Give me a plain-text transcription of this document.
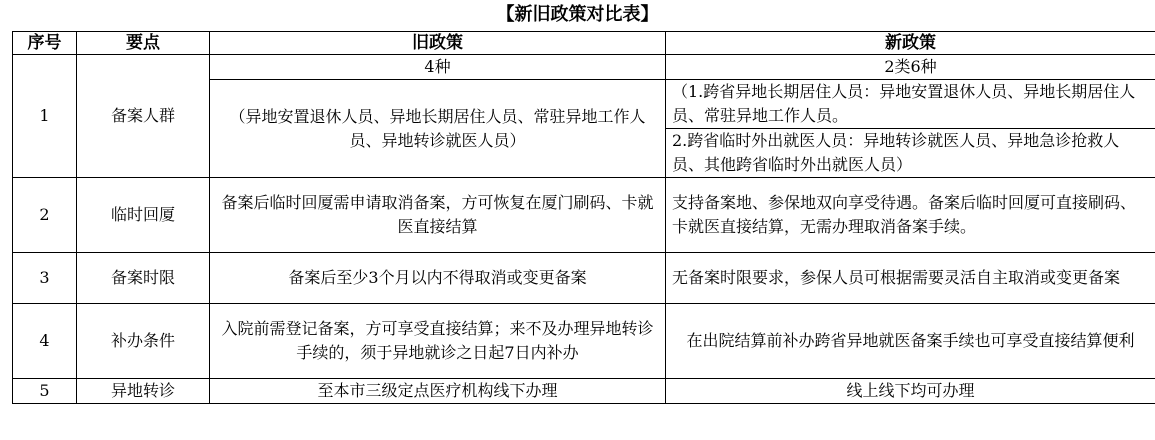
【新旧政策对比表】
序号	要点	旧政策	新政策
1	备案人群	4种	2类6种
		（异地安置退休人员、异地长期居住人员、常驻异地工作人员、异地转诊就医人员）	（1.跨省异地长期居住人员：异地安置退休人员、异地长期居住人员、常驻异地工作人员。
			2.跨省临时外出就医人员：异地转诊就医人员、异地急诊抢救人员、其他跨省临时外出就医人员）
2	临时回厦	备案后临时回厦需申请取消备案，方可恢复在厦门刷码、卡就医直接结算	支持备案地、参保地双向享受待遇。备案后临时回厦可直接刷码、卡就医直接结算，无需办理取消备案手续。
3	备案时限	备案后至少3个月以内不得取消或变更备案	无备案时限要求，参保人员可根据需要灵活自主取消或变更备案
4	补办条件	入院前需登记备案，方可享受直接结算；来不及办理异地转诊手续的，须于异地就诊之日起7日内补办	在出院结算前补办跨省异地就医备案手续也可享受直接结算便利
5	异地转诊	至本市三级定点医疗机构线下办理	线上线下均可办理
